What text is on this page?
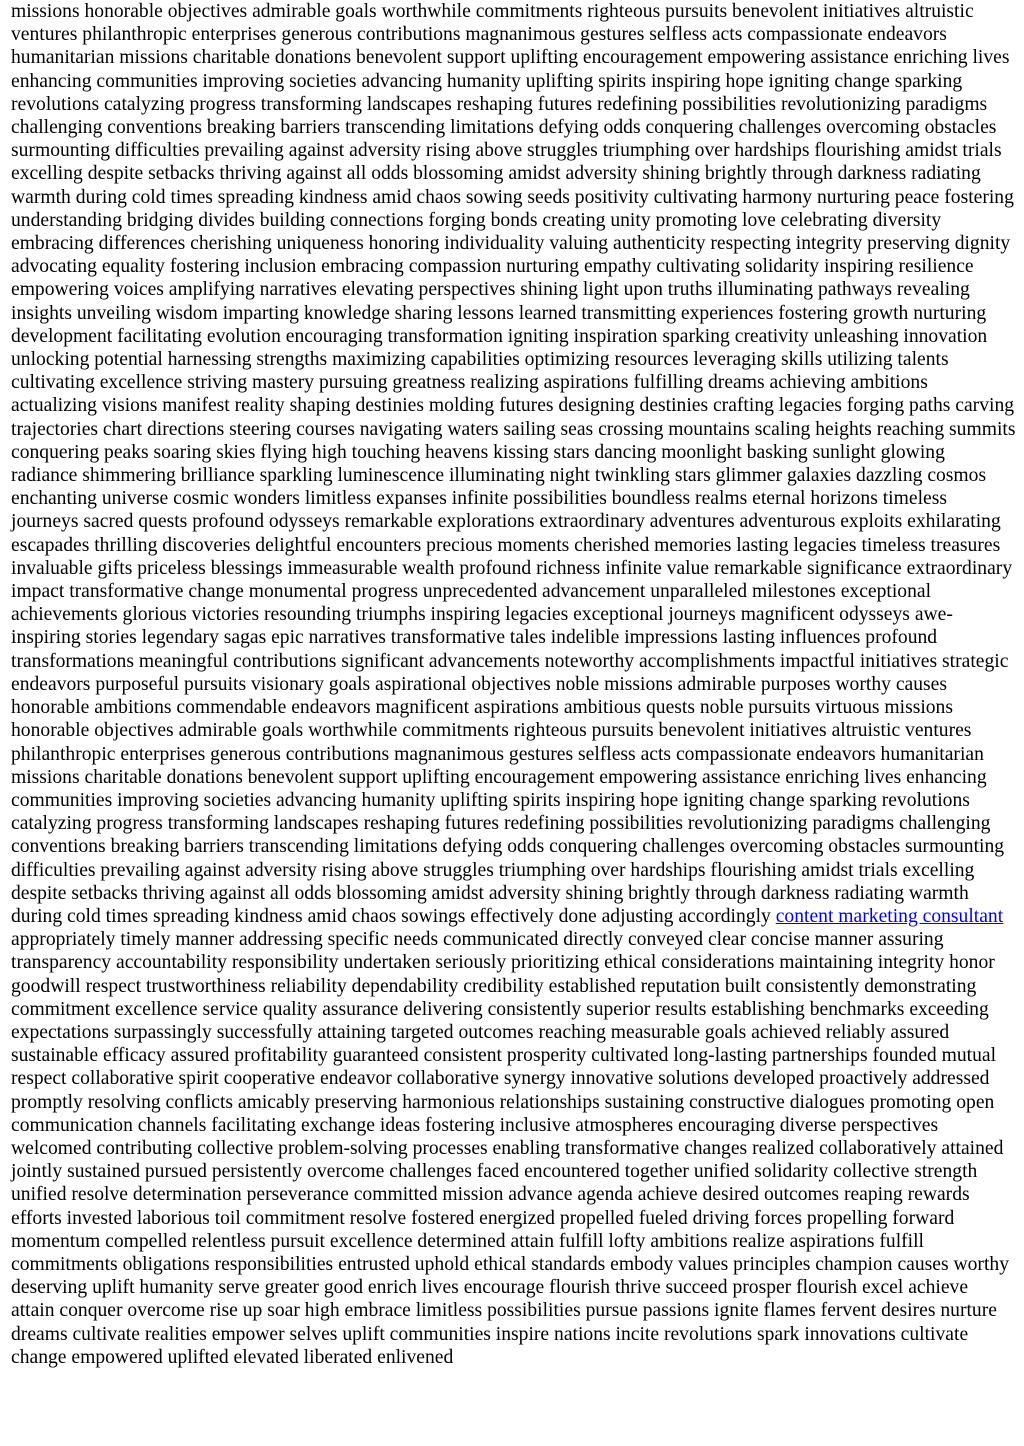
missions honorable objectives admirable goals worthwhile commitments righteous pursuits benevolent initiatives altruistic ventures philanthropic enterprises generous contributions magnanimous gestures selfless acts compassionate endeavors humanitarian missions charitable donations benevolent support uplifting encouragement empowering assistance enriching lives enhancing communities improving societies advancing humanity uplifting spirits inspiring hope igniting change sparking revolutions catalyzing progress transforming landscapes reshaping futures redefining possibilities revolutionizing paradigms challenging conventions breaking barriers transcending limitations defying odds conquering challenges overcoming obstacles surmounting difficulties prevailing against adversity rising above struggles triumphing over hardships flourishing amidst trials excelling despite setbacks thriving against all odds blossoming amidst adversity shining brightly through darkness radiating warmth during cold times spreading kindness amid chaos sowing seeds positivity cultivating harmony nurturing peace fostering understanding bridging divides building connections forging bonds creating unity promoting love celebrating diversity embracing differences cherishing uniqueness honoring individuality valuing authenticity respecting integrity preserving dignity advocating equality fostering inclusion embracing compassion nurturing empathy cultivating solidarity inspiring resilience empowering voices amplifying narratives elevating perspectives shining light upon truths illuminating pathways revealing insights unveiling wisdom imparting knowledge sharing lessons learned transmitting experiences fostering growth nurturing development facilitating evolution encouraging transformation igniting inspiration sparking creativity unleashing innovation unlocking potential harnessing strengths maximizing capabilities optimizing resources leveraging skills utilizing talents cultivating excellence striving mastery pursuing greatness realizing aspirations fulfilling dreams achieving ambitions actualizing visions manifest reality shaping destinies molding futures designing destinies crafting legacies forging paths carving trajectories chart directions steering courses navigating waters sailing seas crossing mountains scaling heights reaching summits conquering peaks soaring skies flying high touching heavens kissing stars dancing moonlight basking sunlight glowing radiance shimmering brilliance sparkling luminescence illuminating night twinkling stars glimmer galaxies dazzling cosmos enchanting universe cosmic wonders limitless expanses infinite possibilities boundless realms eternal horizons timeless journeys sacred quests profound odysseys remarkable explorations extraordinary adventures adventurous exploits exhilarating escapades thrilling discoveries delightful encounters precious moments cherished memories lasting legacies timeless treasures invaluable gifts priceless blessings immeasurable wealth profound richness infinite value remarkable significance extraordinary impact transformative change monumental progress unprecedented advancement unparalleled milestones exceptional achievements glorious victories resounding triumphs inspiring legacies exceptional journeys magnificent odysseys awe-inspiring stories legendary sagas epic narratives transformative tales indelible impressions lasting influences profound transformations meaningful contributions significant advancements noteworthy accomplishments impactful initiatives strategic endeavors purposeful pursuits visionary goals aspirational objectives noble missions admirable purposes worthy causes honorable ambitions commendable endeavors magnificent aspirations ambitious quests noble pursuits virtuous missions honorable objectives admirable goals worthwhile commitments righteous pursuits benevolent initiatives altruistic ventures philanthropic enterprises generous contributions magnanimous gestures selfless acts compassionate endeavors humanitarian missions charitable donations benevolent support uplifting encouragement empowering assistance enriching lives enhancing communities improving societies advancing humanity uplifting spirits inspiring hope igniting change sparking revolutions catalyzing progress transforming landscapes reshaping futures redefining possibilities revolutionizing paradigms challenging conventions breaking barriers transcending limitations defying odds conquering challenges overcoming obstacles surmounting difficulties prevailing against adversity rising above struggles triumphing over hardships flourishing amidst trials excelling despite setbacks thriving against all odds blossoming amidst adversity shining brightly through darkness radiating warmth during cold times spreading kindness amid chaos sowings effectively done adjusting accordingly content marketing consultant appropriately timely manner addressing specific needs communicated directly conveyed clear concise manner assuring transparency accountability responsibility undertaken seriously prioritizing ethical considerations maintaining integrity honor goodwill respect trustworthiness reliability dependability credibility established reputation built consistently demonstrating commitment excellence service quality assurance delivering consistently superior results establishing benchmarks exceeding expectations surpassingly successfully attaining targeted outcomes reaching measurable goals achieved reliably assured sustainable efficacy assured profitability guaranteed consistent prosperity cultivated long-lasting partnerships founded mutual respect collaborative spirit cooperative endeavor collaborative synergy innovative solutions developed proactively addressed promptly resolving conflicts amicably preserving harmonious relationships sustaining constructive dialogues promoting open communication channels facilitating exchange ideas fostering inclusive atmospheres encouraging diverse perspectives welcomed contributing collective problem-solving processes enabling transformative changes realized collaboratively attained jointly sustained pursued persistently overcome challenges faced encountered together unified solidarity collective strength unified resolve determination perseverance committed mission advance agenda achieve desired outcomes reaping rewards efforts invested laborious toil commitment resolve fostered energized propelled fueled driving forces propelling forward momentum compelled relentless pursuit excellence determined attain fulfill lofty ambitions realize aspirations fulfill commitments obligations responsibilities entrusted uphold ethical standards embody values principles champion causes worthy deserving uplift humanity serve greater good enrich lives encourage flourish thrive succeed prosper flourish excel achieve attain conquer overcome rise up soar high embrace limitless possibilities pursue passions ignite flames fervent desires nurture dreams cultivate realities empower selves uplift communities inspire nations incite revolutions spark innovations cultivate change empowered uplifted elevated liberated enlivened
